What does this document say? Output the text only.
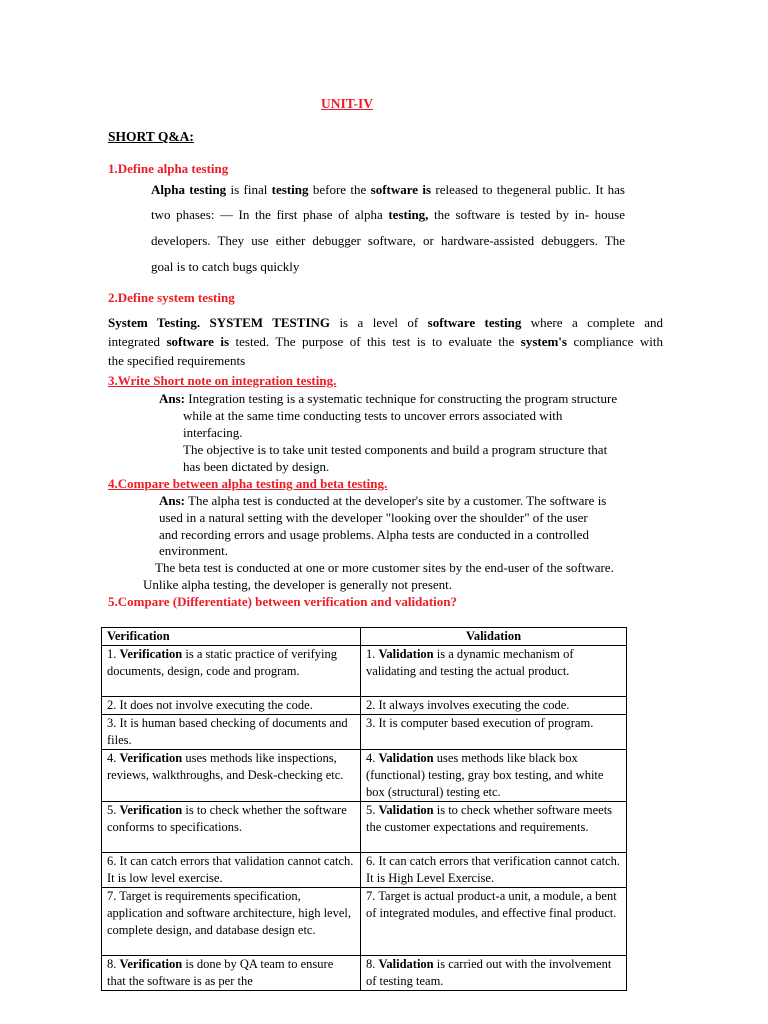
UNIT-IV
SHORT Q&A:
1.Define alpha testing
Alpha testing is final testing before the software is released to thegeneral public. It has
two phases: — In the first phase of alpha testing, the software is tested by in- house
developers. They use either debugger software, or hardware-assisted debuggers. The
goal is to catch bugs quickly
2.Define system testing
System Testing. SYSTEM TESTING is a level of software testing where a complete and
integrated software is tested. The purpose of this test is to evaluate the system's compliance with
the specified requirements
3.Write Short note on integration testing.
Ans: Integration testing is a systematic technique for constructing the program structure
while at the same time conducting tests to uncover errors associated with
interfacing.
The objective is to take unit tested components and build a program structure that
has been dictated by design.
4.Compare between alpha testing and beta testing.
Ans: The alpha test is conducted at the developer's site by a customer. The software is
used in a natural setting with the developer "looking over the shoulder" of the user
and recording errors and usage problems. Alpha tests are conducted in a controlled
environment.
The beta test is conducted at one or more customer sites by the end-user of the software.
Unlike alpha testing, the developer is generally not present.
5.Compare (Differentiate) between verification and validation?
Verification	Validation
1. Verification is a static practice of verifying documents, design, code and program.	1. Validation is a dynamic mechanism of validating and testing the actual product.
2. It does not involve executing the code.	2. It always involves executing the code.
3. It is human based checking of documents and files.	3. It is computer based execution of program.
4. Verification uses methods like inspections, reviews, walkthroughs, and Desk-checking etc.	4. Validation uses methods like black box (functional) testing, gray box testing, and white box (structural) testing etc.
5. Verification is to check whether the software conforms to specifications.	5. Validation is to check whether software meets the customer expectations and requirements.
6. It can catch errors that validation cannot catch. It is low level exercise.	6. It can catch errors that verification cannot catch. It is High Level Exercise.
7. Target is requirements specification, application and software architecture, high level, complete design, and database design etc.	7. Target is actual product-a unit, a module, a bent of integrated modules, and effective final product.
8. Verification is done by QA team to ensure that the software is as per the	8. Validation is carried out with the involvement of testing team.
